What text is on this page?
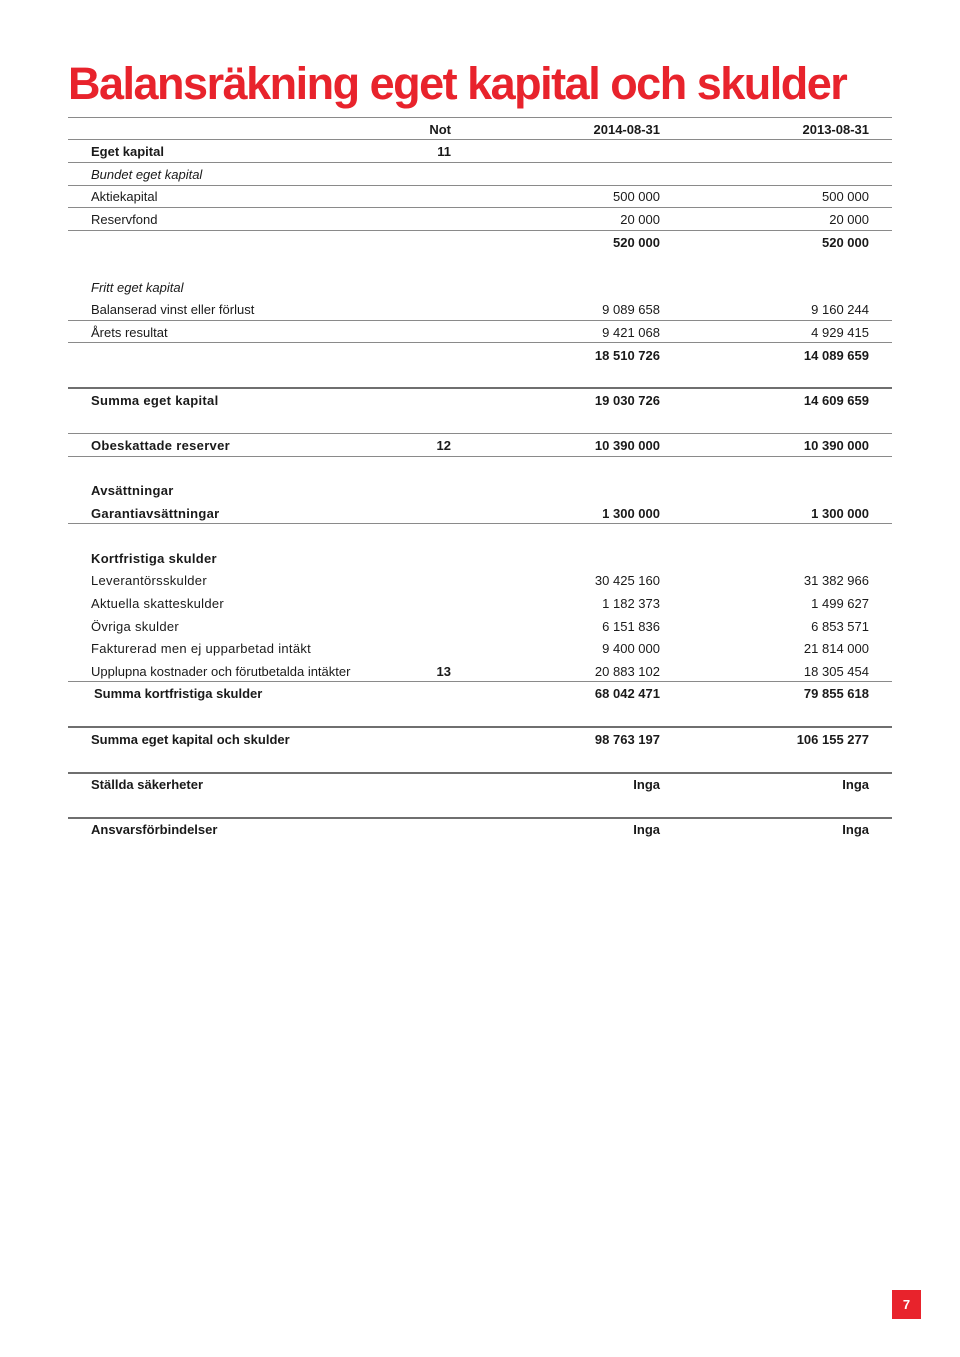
Balansräkning eget kapital och skulder
Not	2014-08-31	2013-08-31
Eget kapital	11
Bundet eget kapital
Aktiekapital	500 000	500 000
Reservfond	20 000	20 000
520 000	520 000
Fritt eget kapital
Balanserad vinst eller förlust	9 089 658	9 160 244
Årets resultat	9 421 068	4 929 415
18 510 726	14 089 659
Summa eget kapital	19 030 726	14 609 659
Obeskattade reserver	12	10 390 000	10 390 000
Avsättningar
Garantiavsättningar	1 300 000	1 300 000
Kortfristiga skulder
Leverantörsskulder	30 425 160	31 382 966
Aktuella skatteskulder	1 182 373	1 499 627
Övriga skulder	6 151 836	6 853 571
Fakturerad men ej upparbetad intäkt	9 400 000	21 814 000
Upplupna kostnader och förutbetalda intäkter	13	20 883 102	18 305 454
Summa kortfristiga skulder	68 042 471	79 855 618
Summa eget kapital och skulder	98 763 197	106 155 277
Ställda säkerheter	Inga	Inga
Ansvarsförbindelser	Inga	Inga
7
